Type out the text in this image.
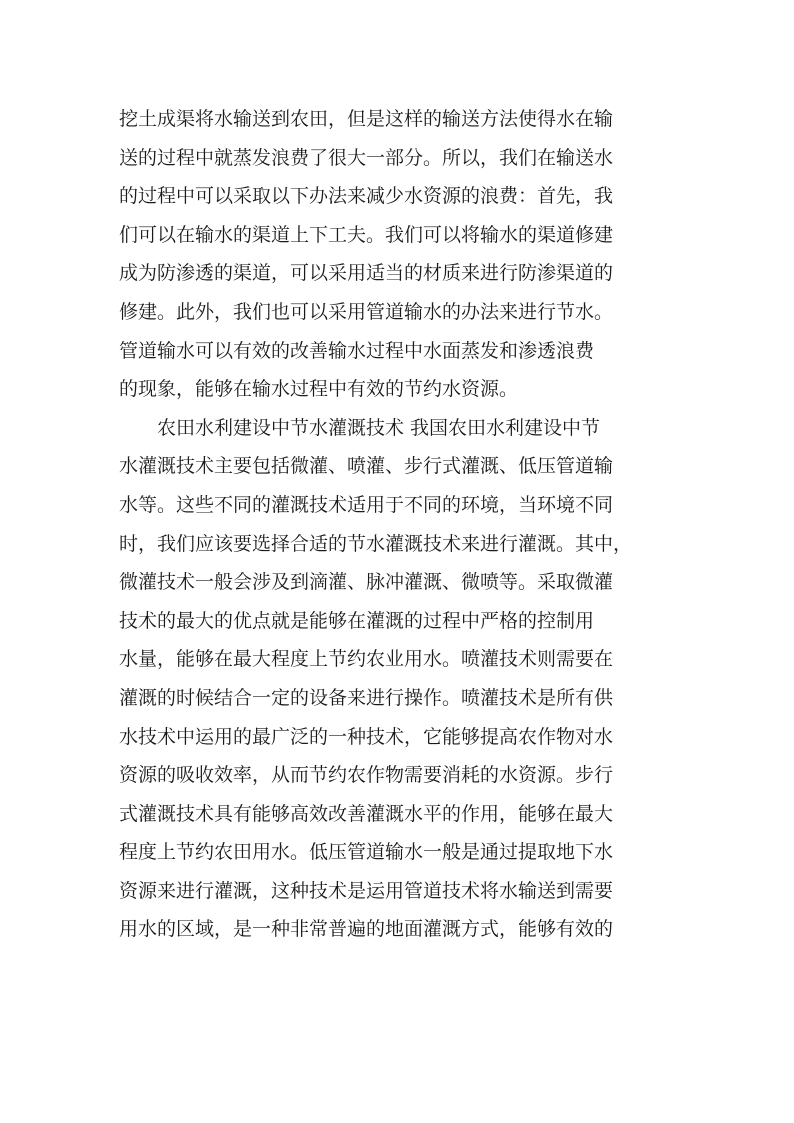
挖土成渠将水输送到农田，但是这样的输送方法使得水在输
送的过程中就蒸发浪费了很大一部分。所以，我们在输送水
的过程中可以采取以下办法来减少水资源的浪费：首先，我
们可以在输水的渠道上下工夫。我们可以将输水的渠道修建
成为防渗透的渠道，可以采用适当的材质来进行防渗渠道的
修建。此外，我们也可以采用管道输水的办法来进行节水。
管道输水可以有效的改善输水过程中水面蒸发和渗透浪费
的现象，能够在输水过程中有效的节约水资源。
农田水利建设中节水灌溉技术 我国农田水利建设中节
水灌溉技术主要包括微灌、喷灌、步行式灌溉、低压管道输
水等。这些不同的灌溉技术适用于不同的环境，当环境不同
时，我们应该要选择合适的节水灌溉技术来进行灌溉。其中，
微灌技术一般会涉及到滴灌、脉冲灌溉、微喷等。采取微灌
技术的最大的优点就是能够在灌溉的过程中严格的控制用
水量，能够在最大程度上节约农业用水。喷灌技术则需要在
灌溉的时候结合一定的设备来进行操作。喷灌技术是所有供
水技术中运用的最广泛的一种技术，它能够提高农作物对水
资源的吸收效率，从而节约农作物需要消耗的水资源。步行
式灌溉技术具有能够高效改善灌溉水平的作用，能够在最大
程度上节约农田用水。低压管道输水一般是通过提取地下水
资源来进行灌溉，这种技术是运用管道技术将水输送到需要
用水的区域，是一种非常普遍的地面灌溉方式，能够有效的
